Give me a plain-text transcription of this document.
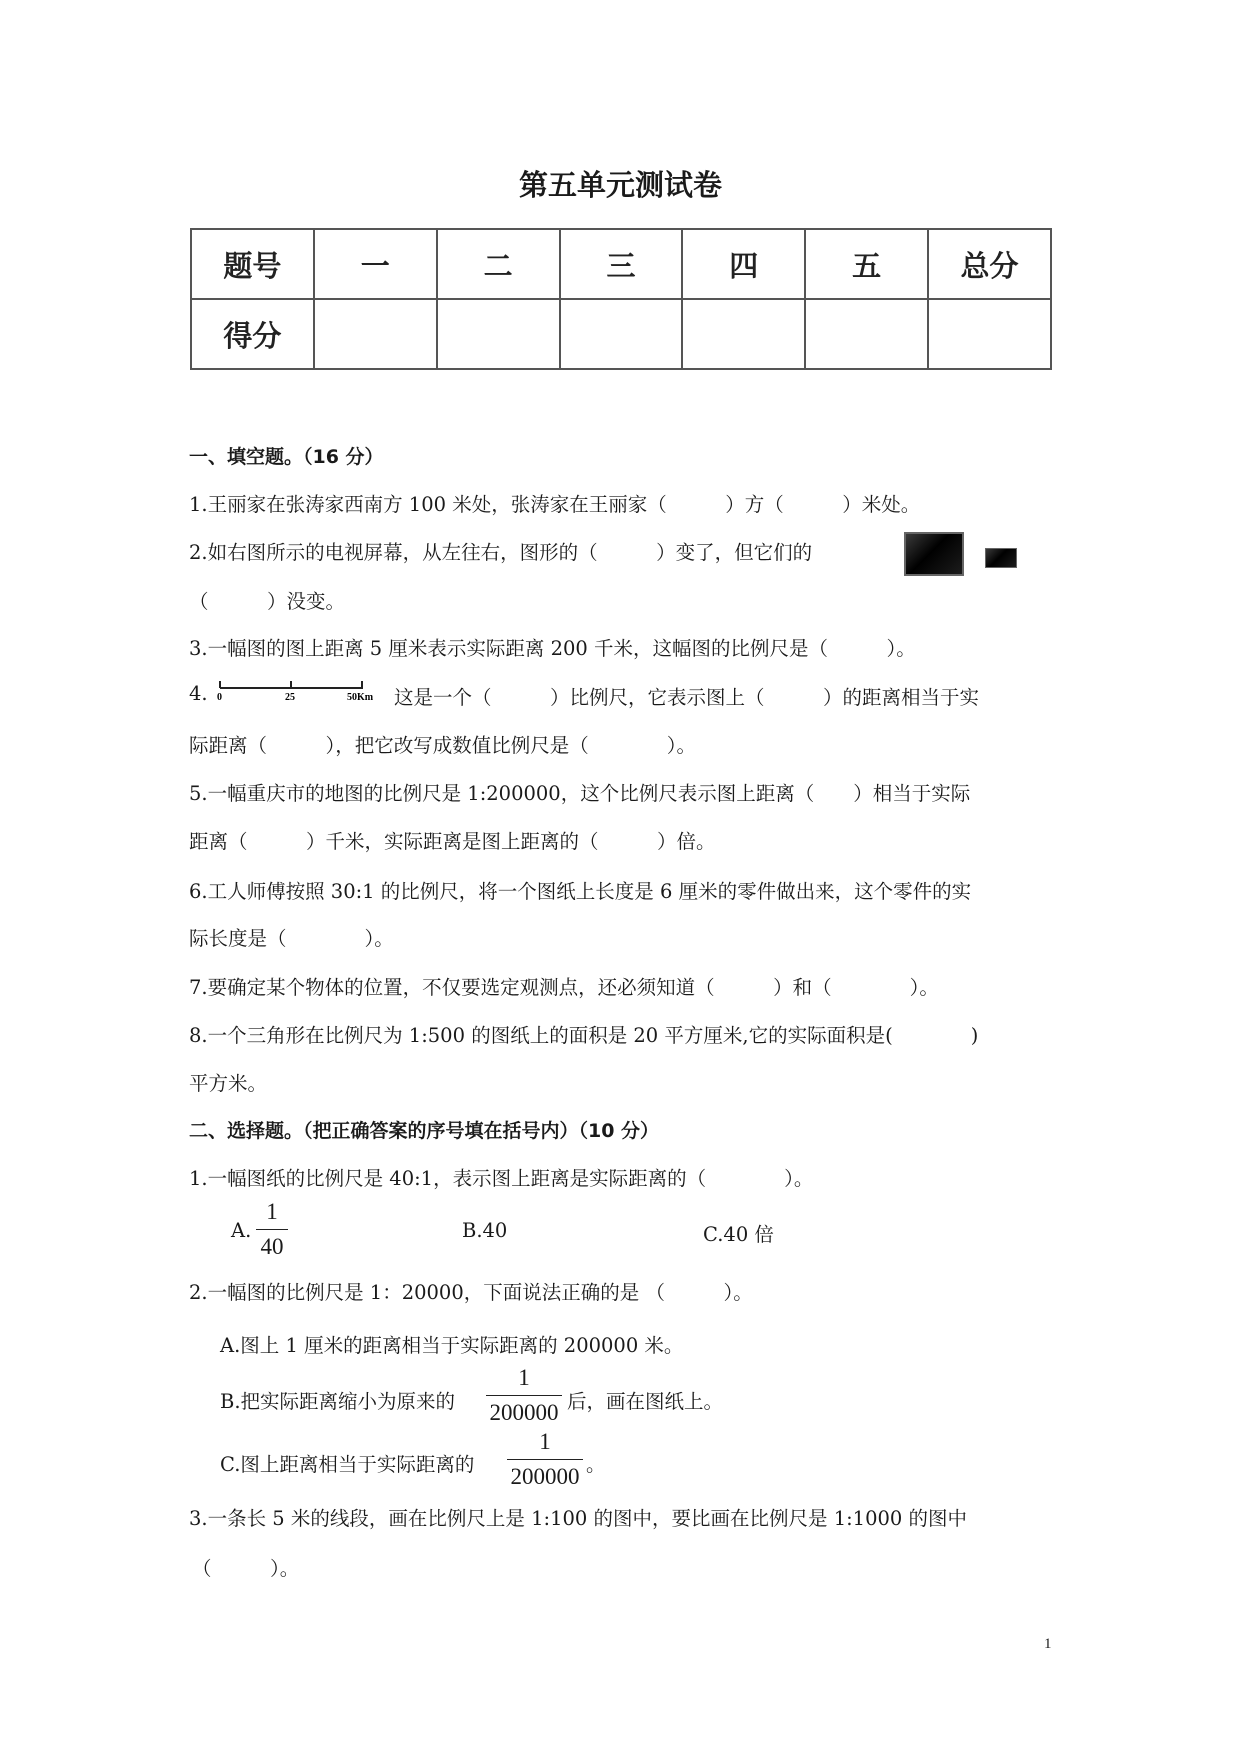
第五单元测试卷
题号	一	二	三	四	五	总分
得分						
一、填空题。（16 分）
1.王丽家在张涛家西南方 100 米处，张涛家在王丽家（　　　）方（　　　）米处。
2.如右图所示的电视屏幕，从左往右，图形的（　　　）变了，但它们的
（　　　）没变。
3.一幅图的图上距离 5 厘米表示实际距离 200 千米，这幅图的比例尺是（　　　）。
4. 0	25	50Km 这是一个（　　　）比例尺，它表示图上（　　　）的距离相当于实
际距离（　　　），把它改写成数值比例尺是（　　　　）。
5.一幅重庆市的地图的比例尺是 1:200000，这个比例尺表示图上距离（　　）相当于实际
距离（　　　）千米，实际距离是图上距离的（　　　）倍。
6.工人师傅按照 30:1 的比例尺，将一个图纸上长度是 6 厘米的零件做出来，这个零件的实
际长度是（　　　　）。
7.要确定某个物体的位置，不仅要选定观测点，还必须知道（　　　）和（　　　　）。
8.一个三角形在比例尺为 1:500 的图纸上的面积是 20 平方厘米,它的实际面积是(　　　　)
平方米。
二、选择题。（把正确答案的序号填在括号内）（10 分）
1.一幅图纸的比例尺是 40:1，表示图上距离是实际距离的（　　　　）。
A.
1
40
B.40	C.40 倍
2.一幅图的比例尺是 1：20000，下面说法正确的是 （　　　）。
A.图上 1 厘米的距离相当于实际距离的 200000 米。
B.把实际距离缩小为原来的
1
200000 后，画在图纸上。
C.图上距离相当于实际距离的
1
200000 。
3.一条长 5 米的线段，画在比例尺上是 1:100 的图中，要比画在比例尺是 1:1000 的图中
（　　　）。
1
